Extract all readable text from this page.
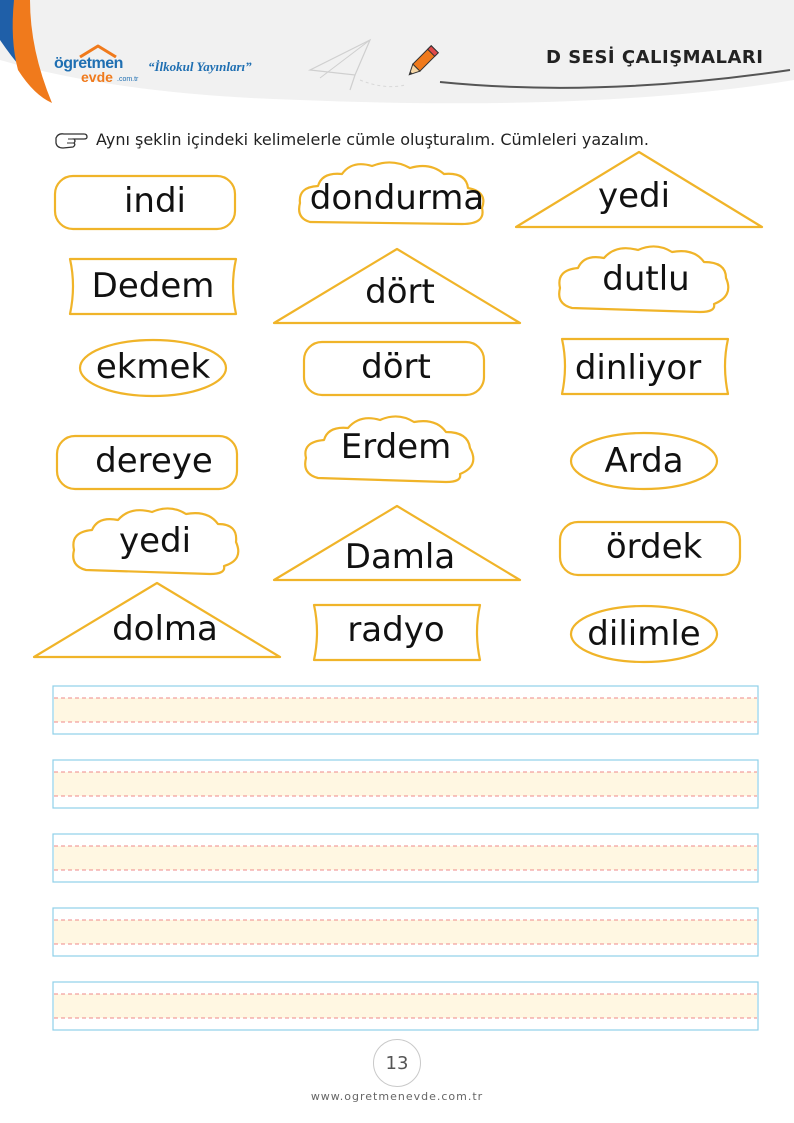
ögretmen
evde .com.tr
“İlkokul Yayınları”	D SESİ ÇALIŞMALARI
Aynı şeklin içindeki kelimelerle cümle oluşturalım. Cümleleri yazalım.
indi	dondurma	yedi
Dedem	dört	dutlu
ekmek	dört	dinliyor
dereye	Erdem	Arda
yedi	Damla	ördek
dolma	radyo	dilimle
13
www.ogretmenevde.com.tr
